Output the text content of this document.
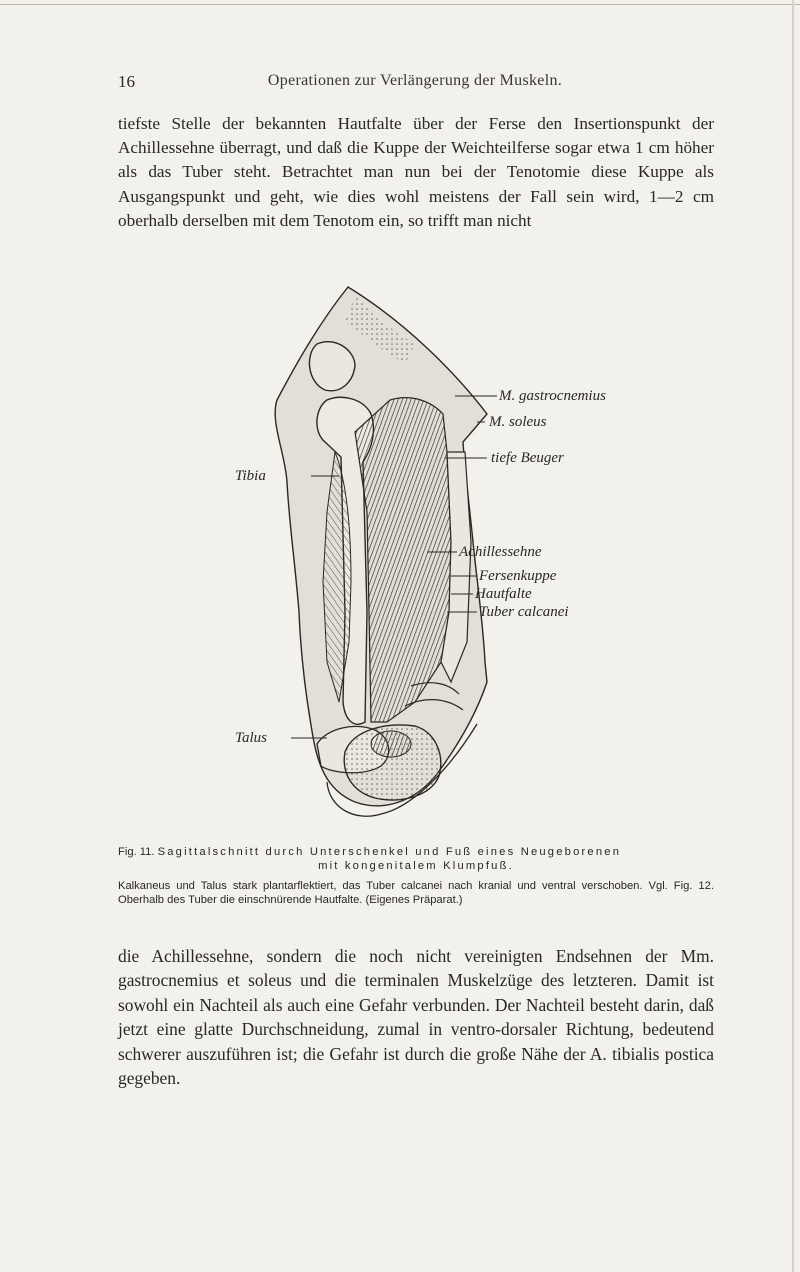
16	Operationen zur Verlängerung der Muskeln.

tiefste Stelle der bekannten Hautfalte über der Ferse den Insertionspunkt der Achillessehne überragt, und daß die Kuppe der Weichteilferse sogar etwa 1 cm höher als das Tuber steht. Betrachtet man nun bei der Tenotomie diese Kuppe als Ausgangspunkt und geht, wie dies wohl meistens der Fall sein wird, 1—2 cm oberhalb derselben mit dem Tenotom ein, so trifft man nicht

M. gastrocnemius
M. soleus
tiefe Beuger
Tibia
Achillessehne
Fersenkuppe
Hautfalte
Tuber calcanei
Talus
Fig. 11. Sagittalschnitt durch Unterschenkel und Fuß eines Neugeborenen
mit kongenitalem Klumpfuß.

Kalkaneus und Talus stark plantarflektiert, das Tuber calcanei nach kranial und ventral verschoben. Vgl. Fig. 12. Oberhalb des Tuber die einschnürende Hautfalte. (Eigenes Präparat.)

die Achillessehne, sondern die noch nicht vereinigten Endsehnen der Mm. gastrocnemius et soleus und die terminalen Muskelzüge des letzteren. Damit ist sowohl ein Nachteil als auch eine Gefahr verbunden. Der Nachteil besteht darin, daß jetzt eine glatte Durchschneidung, zumal in ventro-dorsaler Richtung, bedeutend schwerer auszuführen ist; die Gefahr ist durch die große Nähe der A. tibialis postica gegeben.
